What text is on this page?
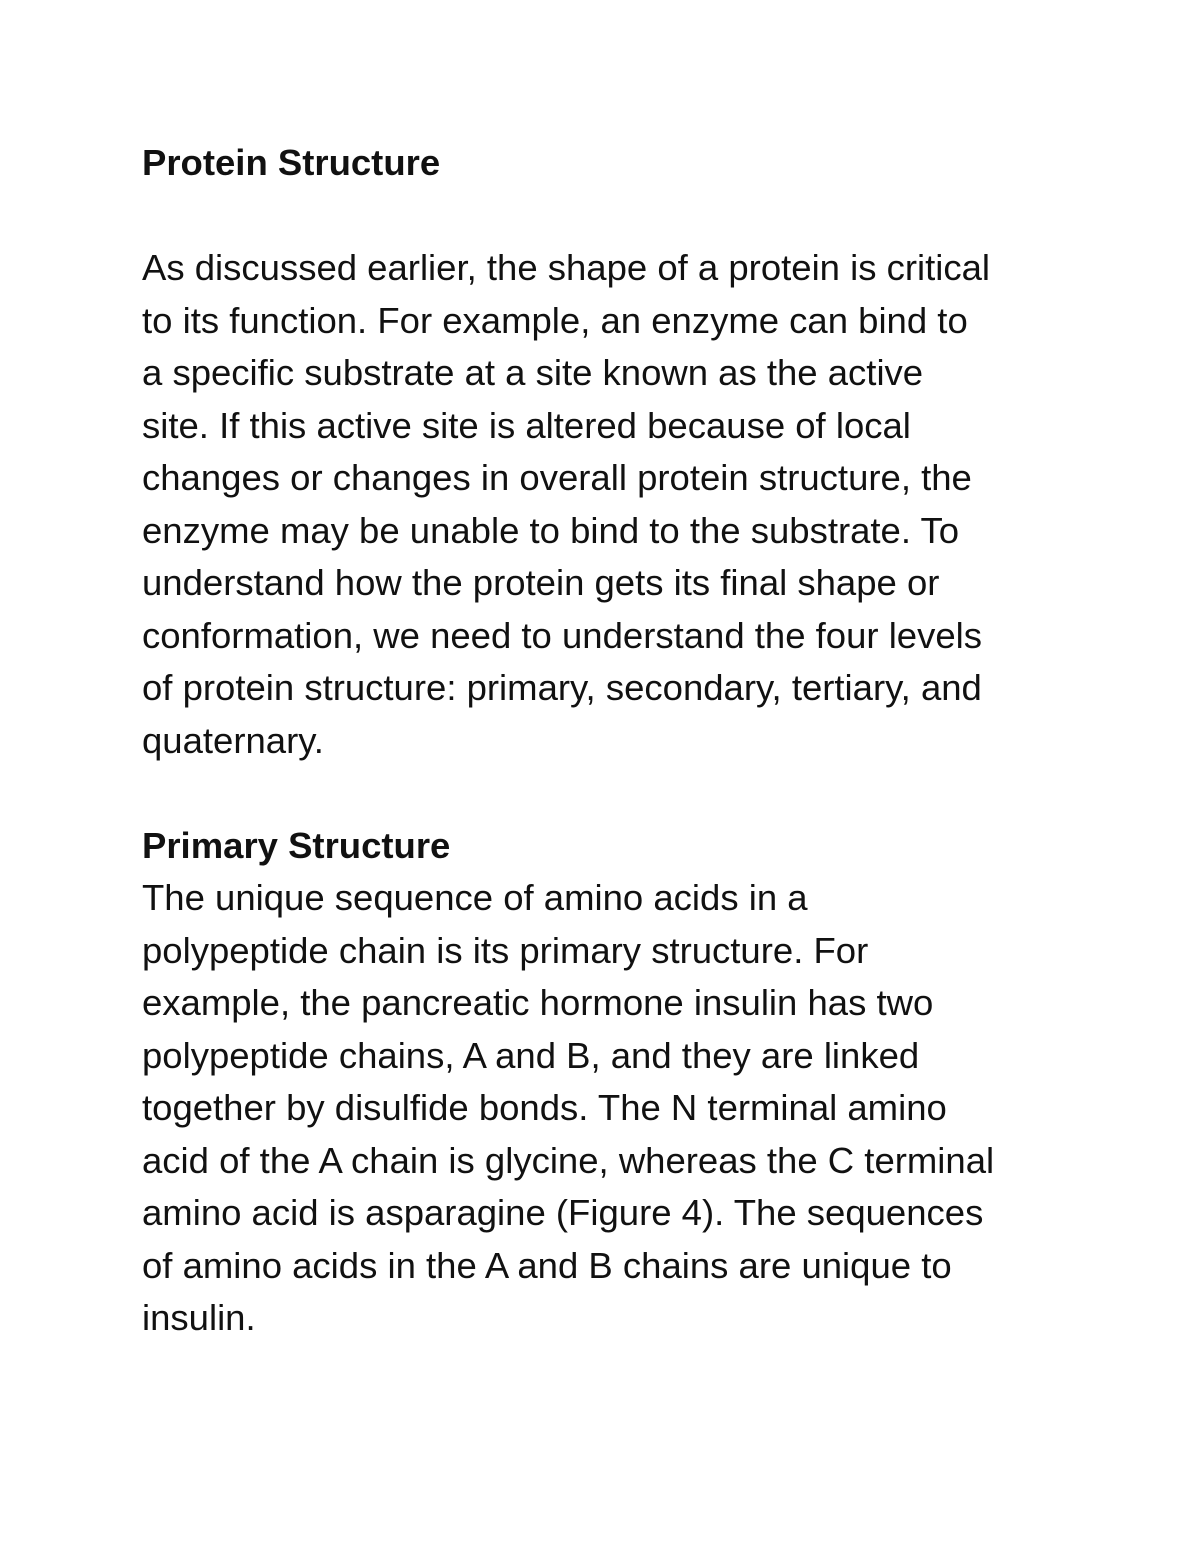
Protein Structure

As discussed earlier, the shape of a protein is critical
to its function. For example, an enzyme can bind to
a specific substrate at a site known as the active
site. If this active site is altered because of local
changes or changes in overall protein structure, the
enzyme may be unable to bind to the substrate. To
understand how the protein gets its final shape or
conformation, we need to understand the four levels
of protein structure: primary, secondary, tertiary, and
quaternary.

Primary Structure

The unique sequence of amino acids in a
polypeptide chain is its primary structure. For
example, the pancreatic hormone insulin has two
polypeptide chains, A and B, and they are linked
together by disulfide bonds. The N terminal amino
acid of the A chain is glycine, whereas the C terminal
amino acid is asparagine (Figure 4). The sequences
of amino acids in the A and B chains are unique to
insulin.
